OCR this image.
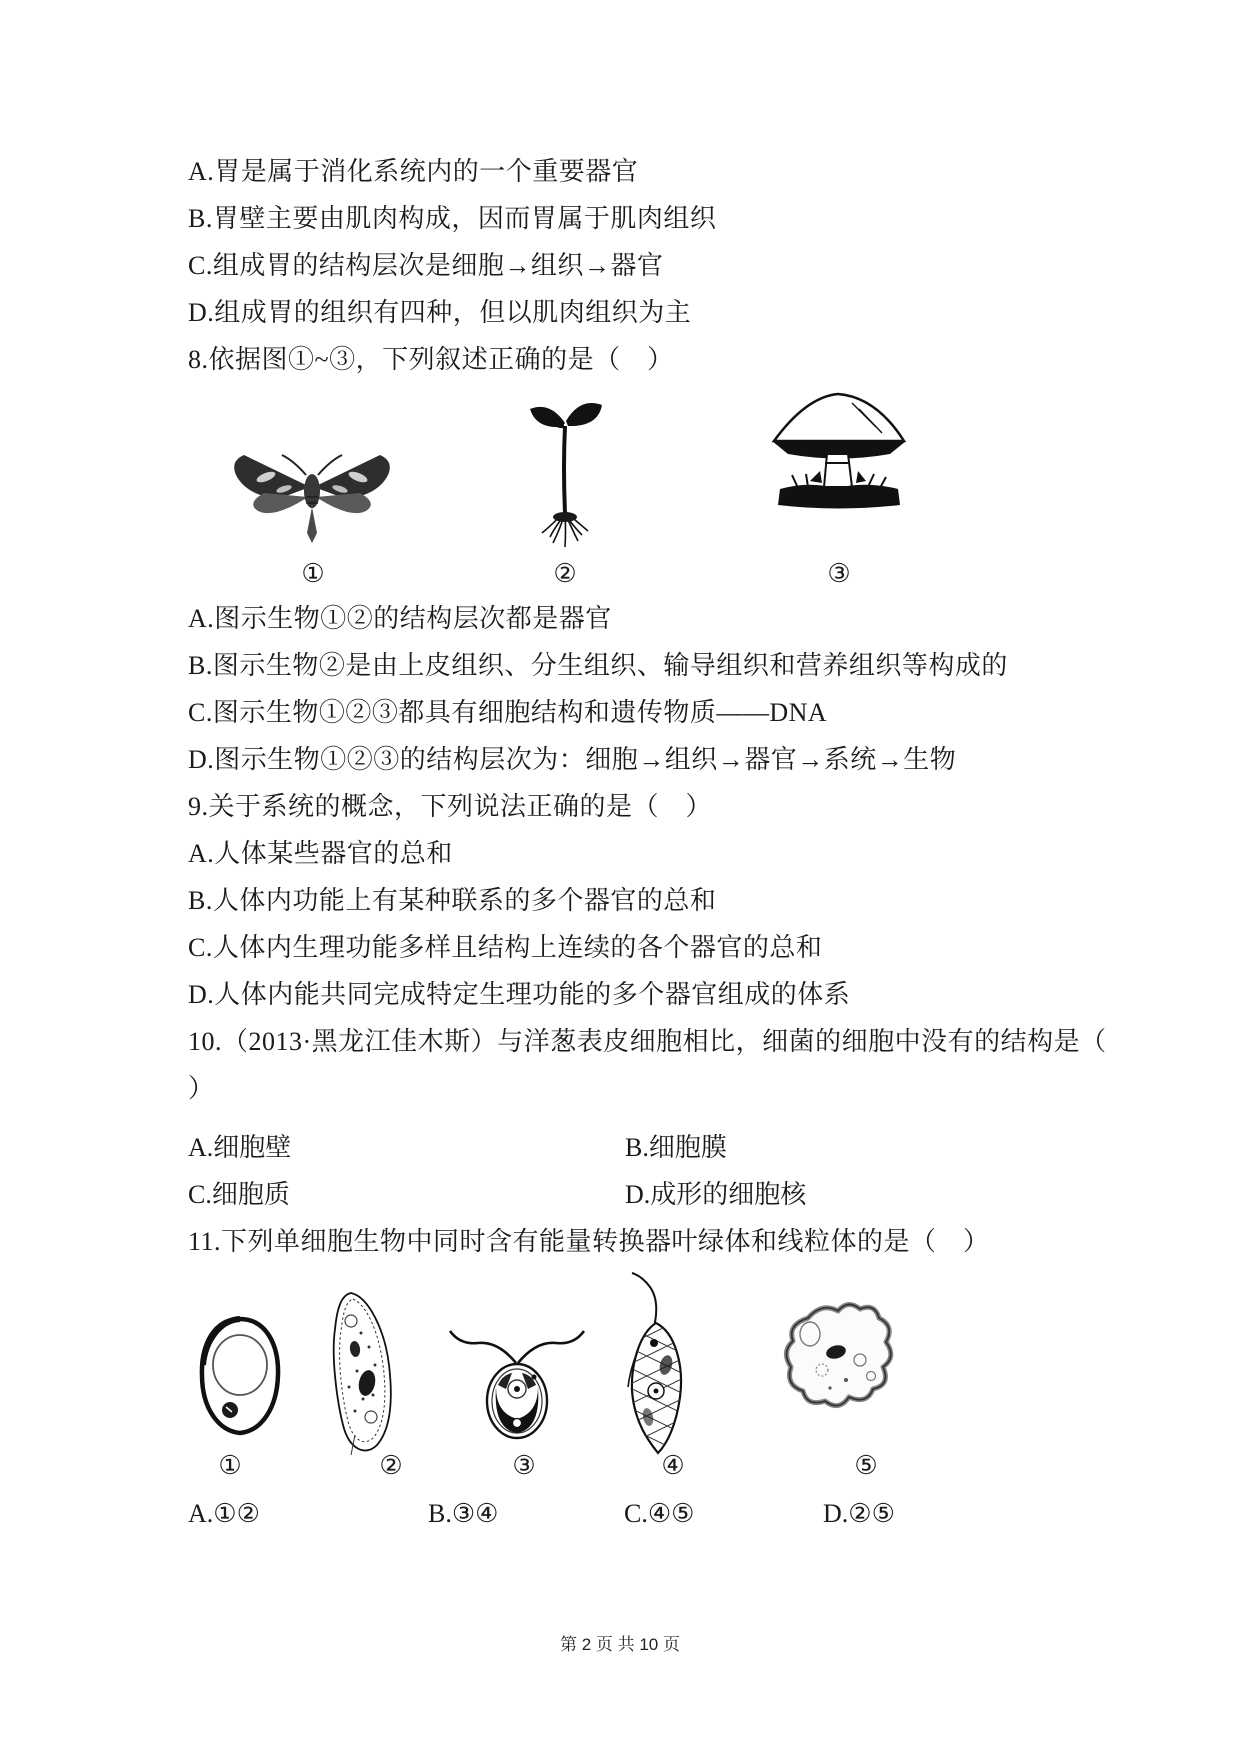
A.胃是属于消化系统内的一个重要器官
B.胃壁主要由肌肉构成，因而胃属于肌肉组织
C.组成胃的结构层次是细胞→组织→器官
D.组成胃的组织有四种，但以肌肉组织为主
8.依据图①~③，下列叙述正确的是（　）
①	②	③
A.图示生物①②的结构层次都是器官
B.图示生物②是由上皮组织、分生组织、输导组织和营养组织等构成的
C.图示生物①②③都具有细胞结构和遗传物质——DNA
D.图示生物①②③的结构层次为：细胞→组织→器官→系统→生物
9.关于系统的概念，下列说法正确的是（　）
A.人体某些器官的总和
B.人体内功能上有某种联系的多个器官的总和
C.人体内生理功能多样且结构上连续的各个器官的总和
D.人体内能共同完成特定生理功能的多个器官组成的体系
10.（2013·黑龙江佳木斯）与洋葱表皮细胞相比，细菌的细胞中没有的结构是（
）
A.细胞壁	B.细胞膜
C.细胞质	D.成形的细胞核
11.下列单细胞生物中同时含有能量转换器叶绿体和线粒体的是（　）
①	②	③	④	⑤
A.①②	B.③④	C.④⑤	D.②⑤
第 2 页 共 10 页
